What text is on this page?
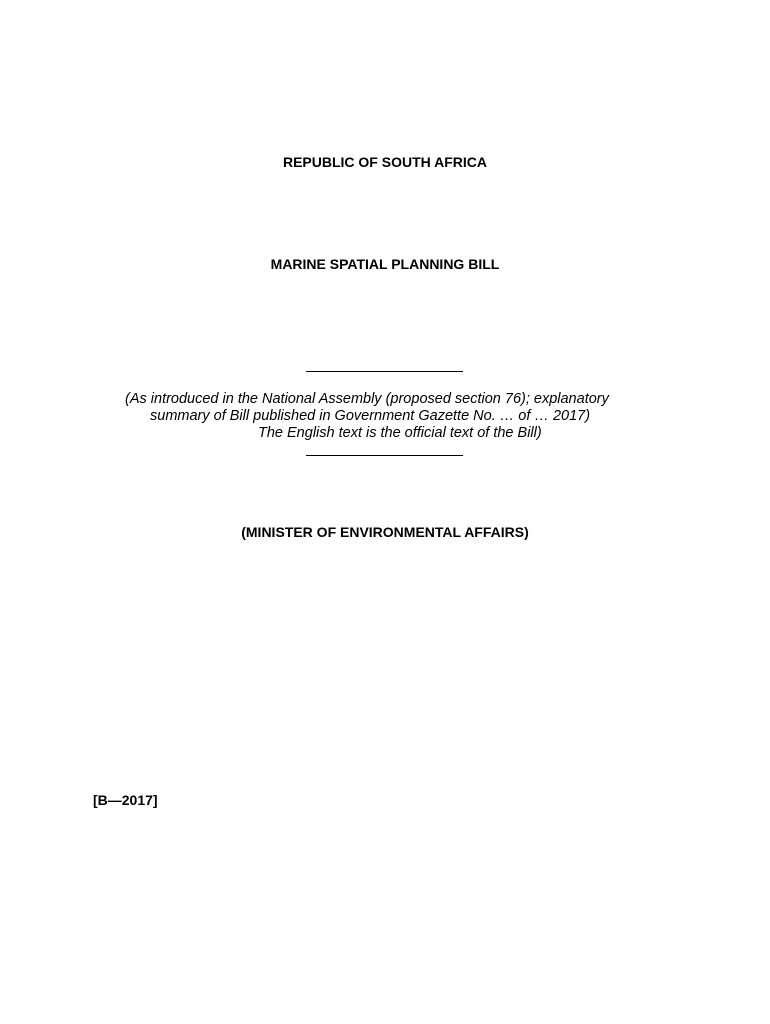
REPUBLIC OF SOUTH AFRICA
MARINE SPATIAL PLANNING BILL
(As introduced in the National Assembly (proposed section 76); explanatory
summary of Bill published in Government Gazette No. … of … 2017)
The English text is the official text of the Bill)
(MINISTER OF ENVIRONMENTAL AFFAIRS)
[B—2017]
